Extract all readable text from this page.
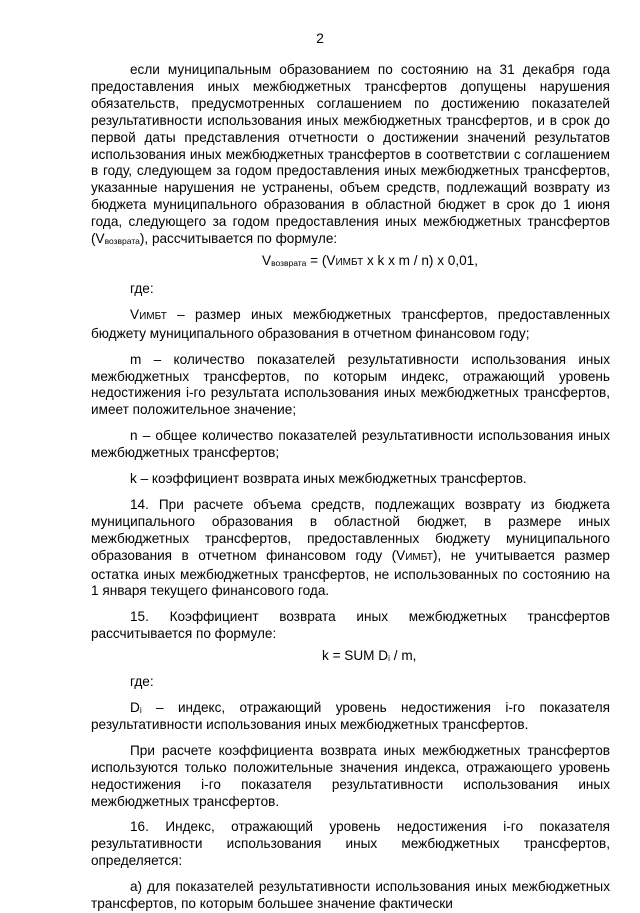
2

если муниципальным образованием по состоянию на 31 декабря года предоставления иных межбюджетных трансфертов допущены нарушения обязательств, предусмотренных соглашением по достижению показателей результативности использования иных межбюджетных трансфертов, и в срок до первой даты представления отчетности о достижении значений результатов использования иных межбюджетных трансфертов в соответствии с соглашением в году, следующем за годом предоставления иных межбюджетных трансфертов, указанные нарушения не устранены, объем средств, подлежащий возврату из бюджета муниципального образования в областной бюджет в срок до 1 июня года, следующего за годом предоставления иных межбюджетных трансфертов $(V_{возврата})$, рассчитывается по формуле:

$V_{возврата}$ = (VИМБТ x k x m / n) x 0,01,

где:

VИМБТ – размер иных межбюджетных трансфертов, предоставленных бюджету муниципального образования в отчетном финансовом году;

m – количество показателей результативности использования иных межбюджетных трансфертов, по которым индекс, отражающий уровень недостижения i-го результата использования иных межбюджетных трансфертов, имеет положительное значение;

n – общее количество показателей результативности использования иных межбюджетных трансфертов;

k – коэффициент возврата иных межбюджетных трансфертов.

14. При расчете объема средств, подлежащих возврату из бюджета муниципального образования в областной бюджет, в размере иных межбюджетных трансфертов, предоставленных бюджету муниципального образования в отчетном финансовом году (VИМБТ), не учитывается размер остатка иных межбюджетных трансфертов, не использованных по состоянию на 1 января текущего финансового года.

15. Коэффициент возврата иных межбюджетных трансфертов рассчитывается по формуле:

k = SUM $D_i$ / m,

где:

$D_i$ – индекс, отражающий уровень недостижения i-го показателя результативности использования иных межбюджетных трансфертов.

При расчете коэффициента возврата иных межбюджетных трансфертов используются только положительные значения индекса, отражающего уровень недостижения i-го показателя результативности использования иных межбюджетных трансфертов.

16. Индекс, отражающий уровень недостижения i-го показателя результативности использования иных межбюджетных трансфертов, определяется:

а) для показателей результативности использования иных межбюджетных трансфертов, по которым большее значение фактически
